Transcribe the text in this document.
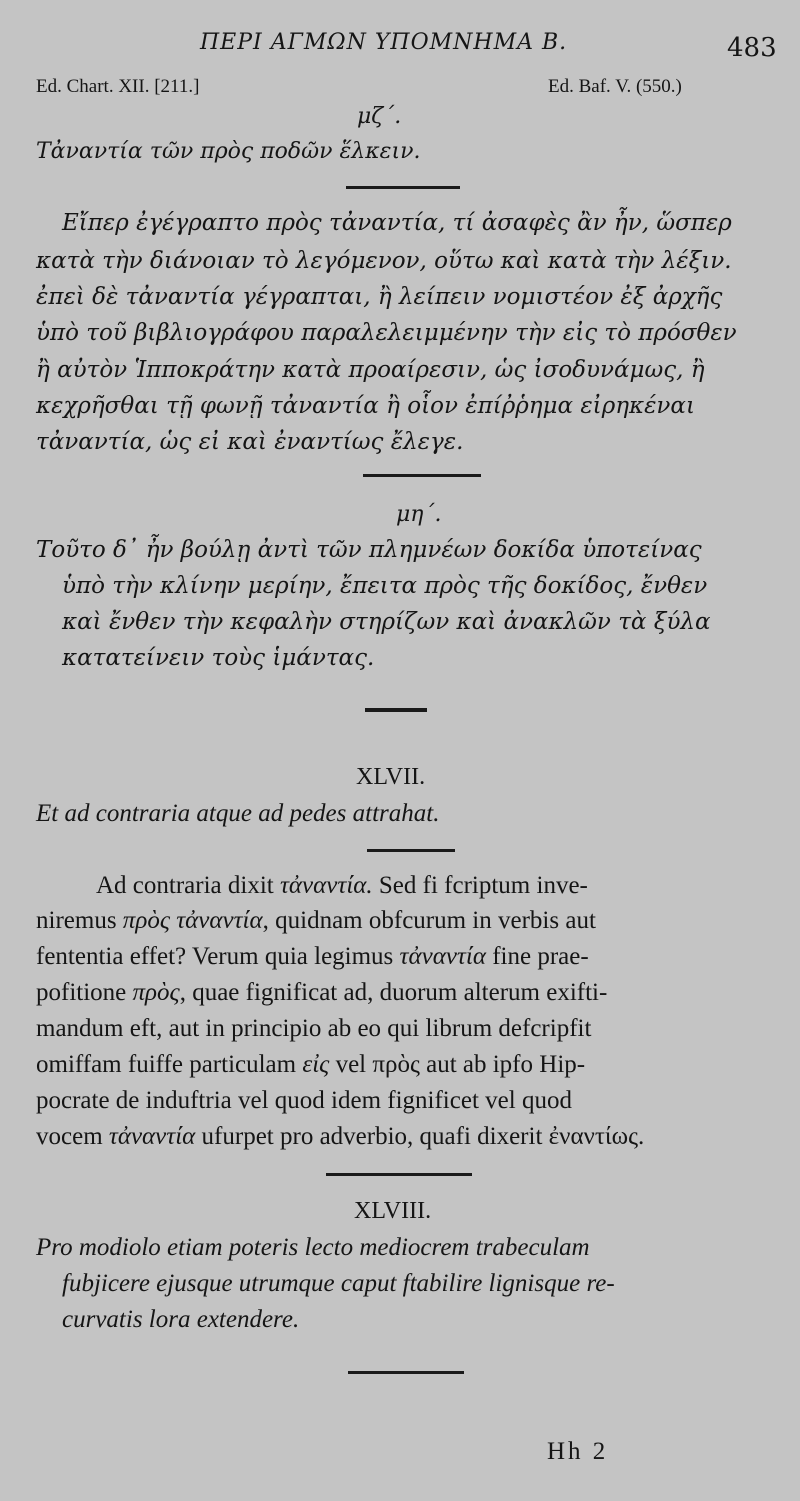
ΠΕΡΙ ΑΓΜΩΝ ΥΠΟΜΝΗΜΑ Β.	483
Ed. Chart. XII. [211.]	Ed. Baf. V. (550.)
μζ΄.
Τἀναντία τῶν πρὸς ποδῶν ἕλκειν.
Εἴπερ ἐγέγραπτο πρὸς τἀναντία, τί ἀσαφὲς ἂν ἦν, ὥσπερ
κατὰ τὴν διάνοιαν τὸ λεγόμενον, οὕτω καὶ κατὰ τὴν λέξιν.
ἐπεὶ δὲ τἀναντία γέγραπται, ἢ λείπειν νομιστέον ἐξ ἀρχῆς
ὑπὸ τοῦ βιβλιογράφου παραλελειμμένην τὴν εἰς τὸ πρόσθεν
ἢ αὐτὸν Ἱπποκράτην κατὰ προαίρεσιν, ὡς ἰσοδυνάμως, ἢ
κεχρῆσθαι τῇ φωνῇ τἀναντία ἢ οἷον ἐπίῤῥημα εἰρηκέναι
τἀναντία, ὡς εἰ καὶ ἐναντίως ἔλεγε.
μη΄.
Τοῦτο δ᾽ ἦν βούλῃ ἀντὶ τῶν πλημνέων δοκίδα ὑποτείνας
ὑπὸ τὴν κλίνην μερίην, ἔπειτα πρὸς τῆς δοκίδος, ἔνθεν
καὶ ἔνθεν τὴν κεφαλὴν στηρίζων καὶ ἀνακλῶν τὰ ξύλα
κατατείνειν τοὺς ἱμάντας.
XLVII.
Et ad contraria atque ad pedes attrahat.
Ad contraria dixit τἀναντία. Sed fi fcriptum inve-
niremus πρὸς τἀναντία, quidnam obfcurum in verbis aut
fententia effet? Verum quia legimus τἀναντία fine prae-
pofitione πρὸς, quae fignificat ad, duorum alterum exifti-
mandum eft, aut in principio ab eo qui librum defcripfit
omiffam fuiffe particulam εἰς vel πρὸς aut ab ipfo Hip-
pocrate de induftria vel quod idem fignificet vel quod
vocem τἀναντία ufurpet pro adverbio, quafi dixerit ἐναντίως.
XLVIII.
Pro modiolo etiam poteris lecto mediocrem trabeculam
fubjicere ejusque utrumque caput ftabilire lignisque re-
curvatis lora extendere.
Hh 2
